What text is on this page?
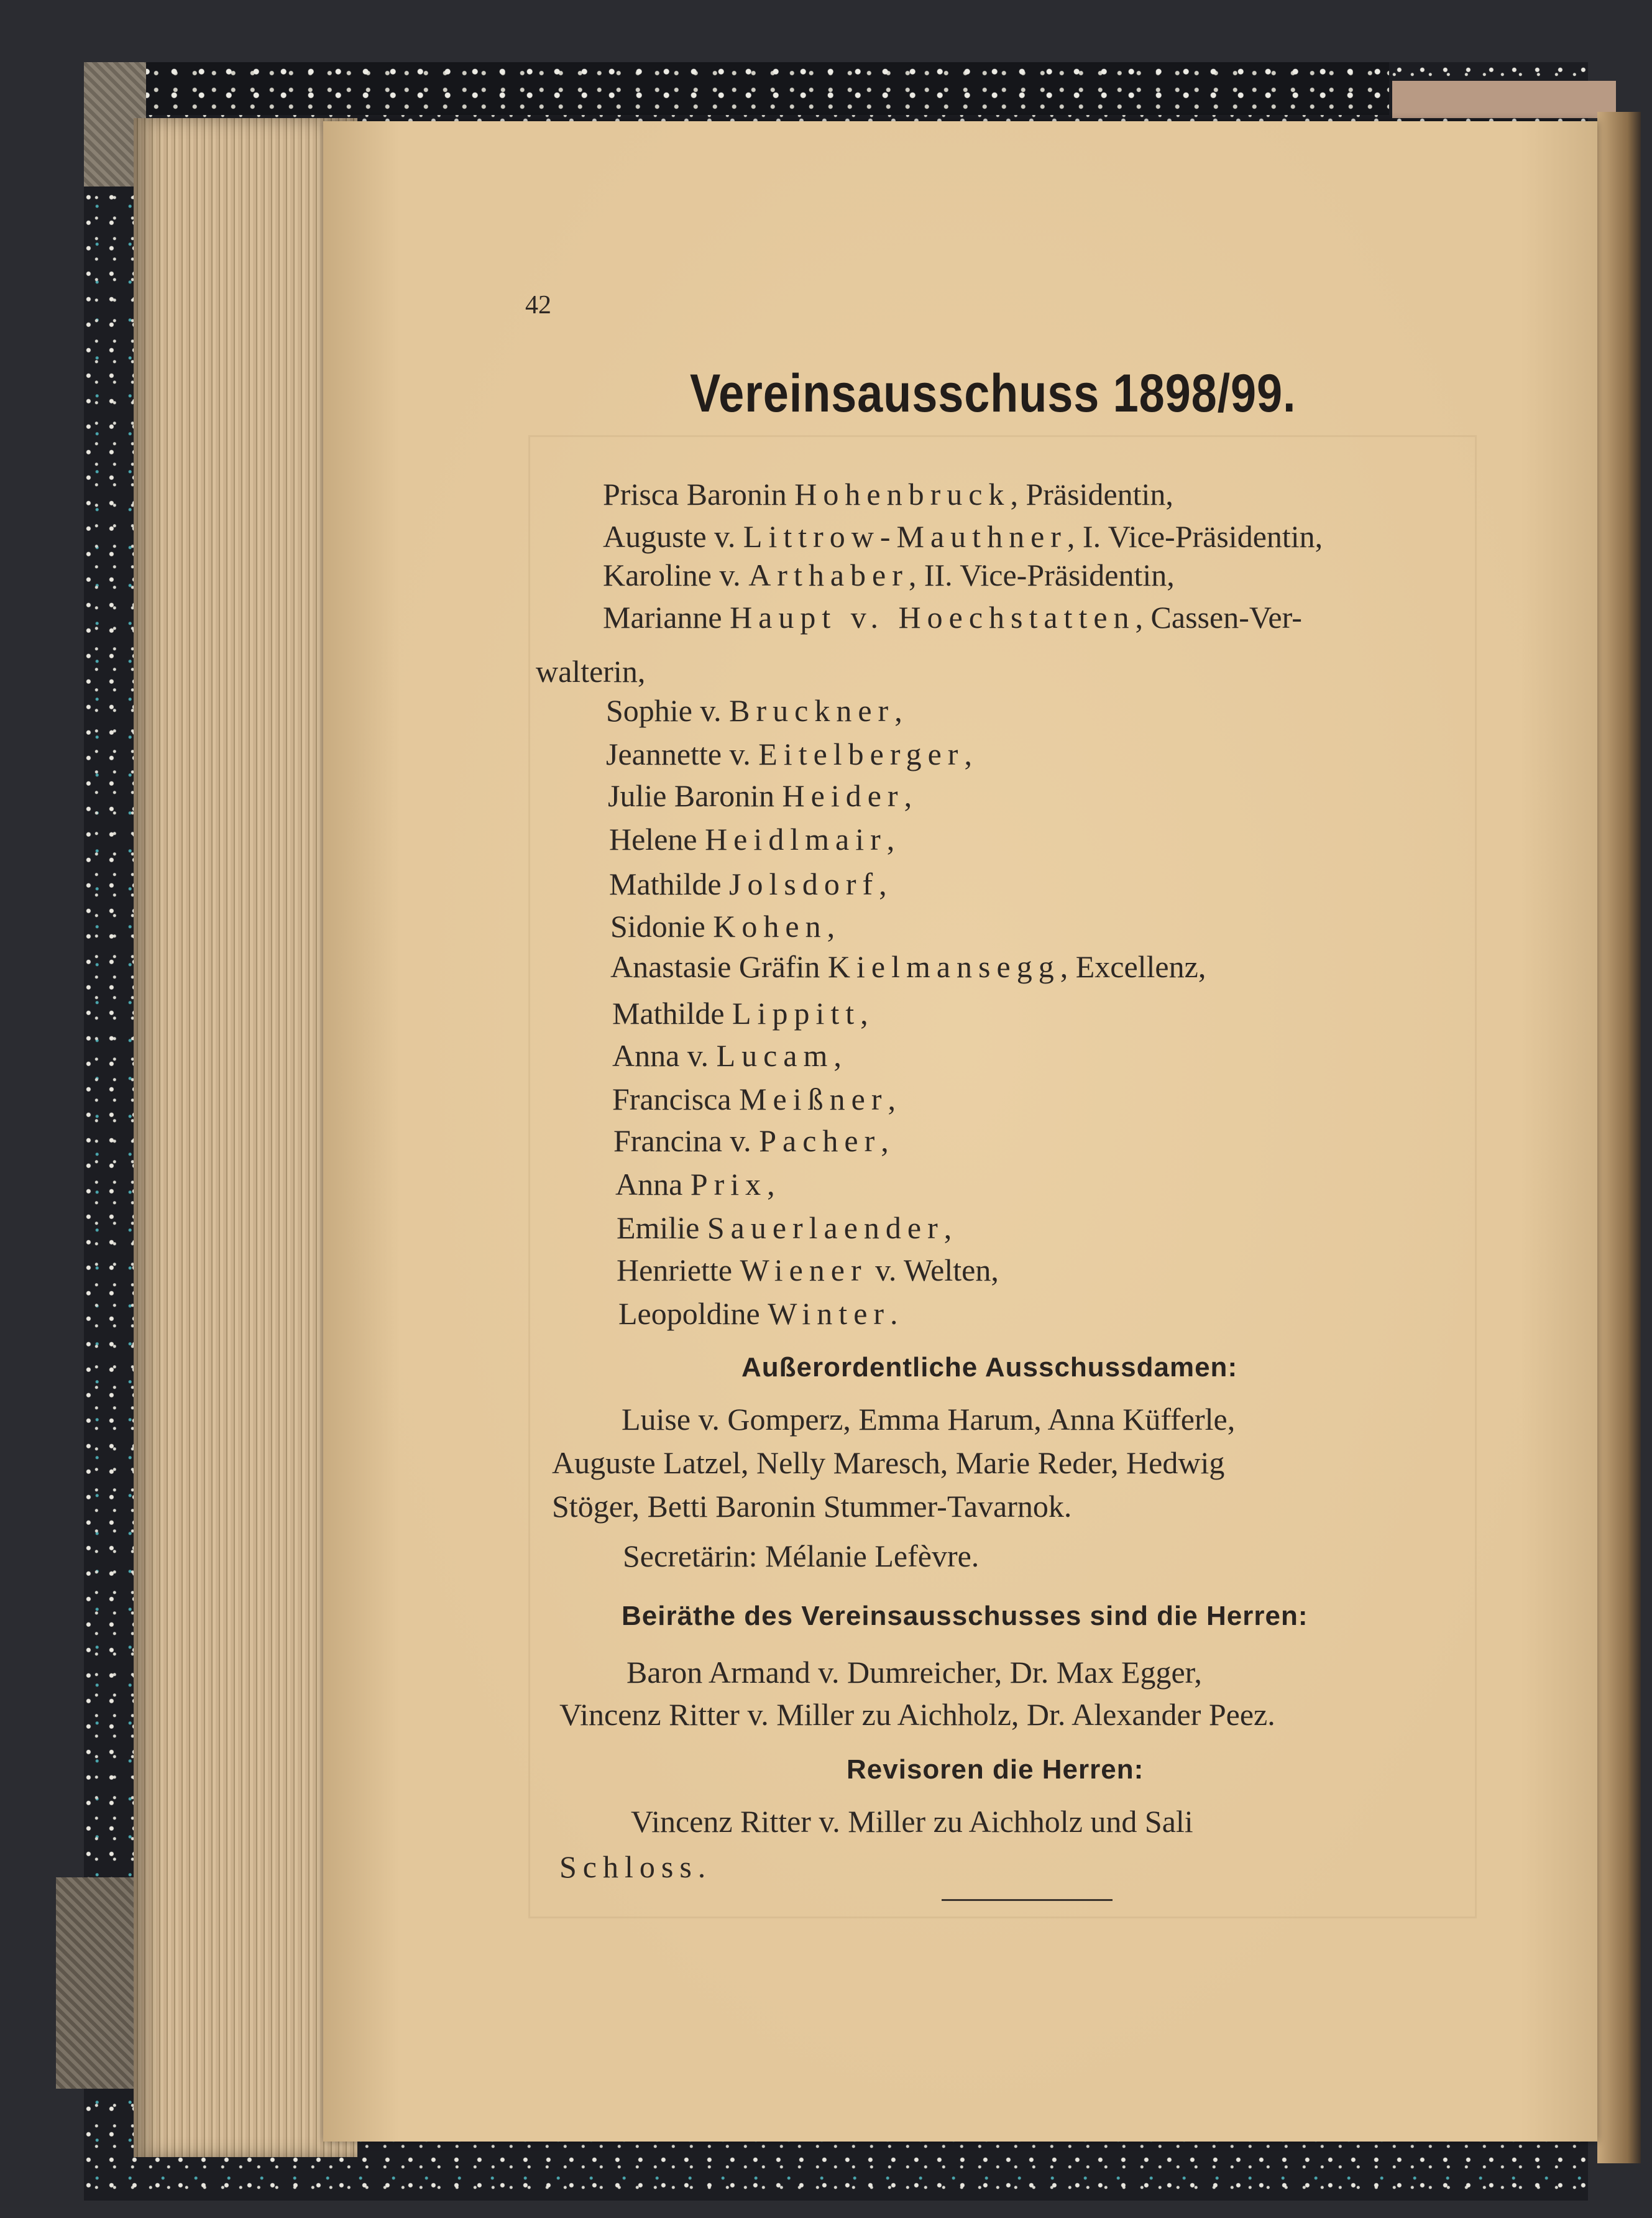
42
Vereinsausschuss 1898/99.
Prisca Baronin Hohenbruck, Präsidentin,
Auguste v. Littrow-Mauthner, I. Vice-Präsidentin,
Karoline v. Arthaber, II. Vice-Präsidentin,
Marianne Haupt v. Hoechstatten, Cassen-Ver-
walterin,
Sophie v. Bruckner,
Jeannette v. Eitelberger,
Julie Baronin Heider,
Helene Heidlmair,
Mathilde Jolsdorf,
Sidonie Kohen,
Anastasie Gräfin Kielmansegg, Excellenz,
Mathilde Lippitt,
Anna v. Lucam,
Francisca Meißner,
Francina v. Pacher,
Anna Prix,
Emilie Sauerlaender,
Henriette Wiener v. Welten,
Leopoldine Winter.
Außerordentliche Ausschussdamen:
Luise v. Gomperz, Emma Harum, Anna Küfferle,
Auguste Latzel, Nelly Maresch, Marie Reder, Hedwig
Stöger, Betti Baronin Stummer-Tavarnok.
Secretärin: Mélanie Lefèvre.
Beiräthe des Vereinsausschusses sind die Herren:
Baron Armand v. Dumreicher, Dr. Max Egger,
Vincenz Ritter v. Miller zu Aichholz, Dr. Alexander Peez.
Revisoren die Herren:
Vincenz Ritter v. Miller zu Aichholz und Sali
Schloss.
